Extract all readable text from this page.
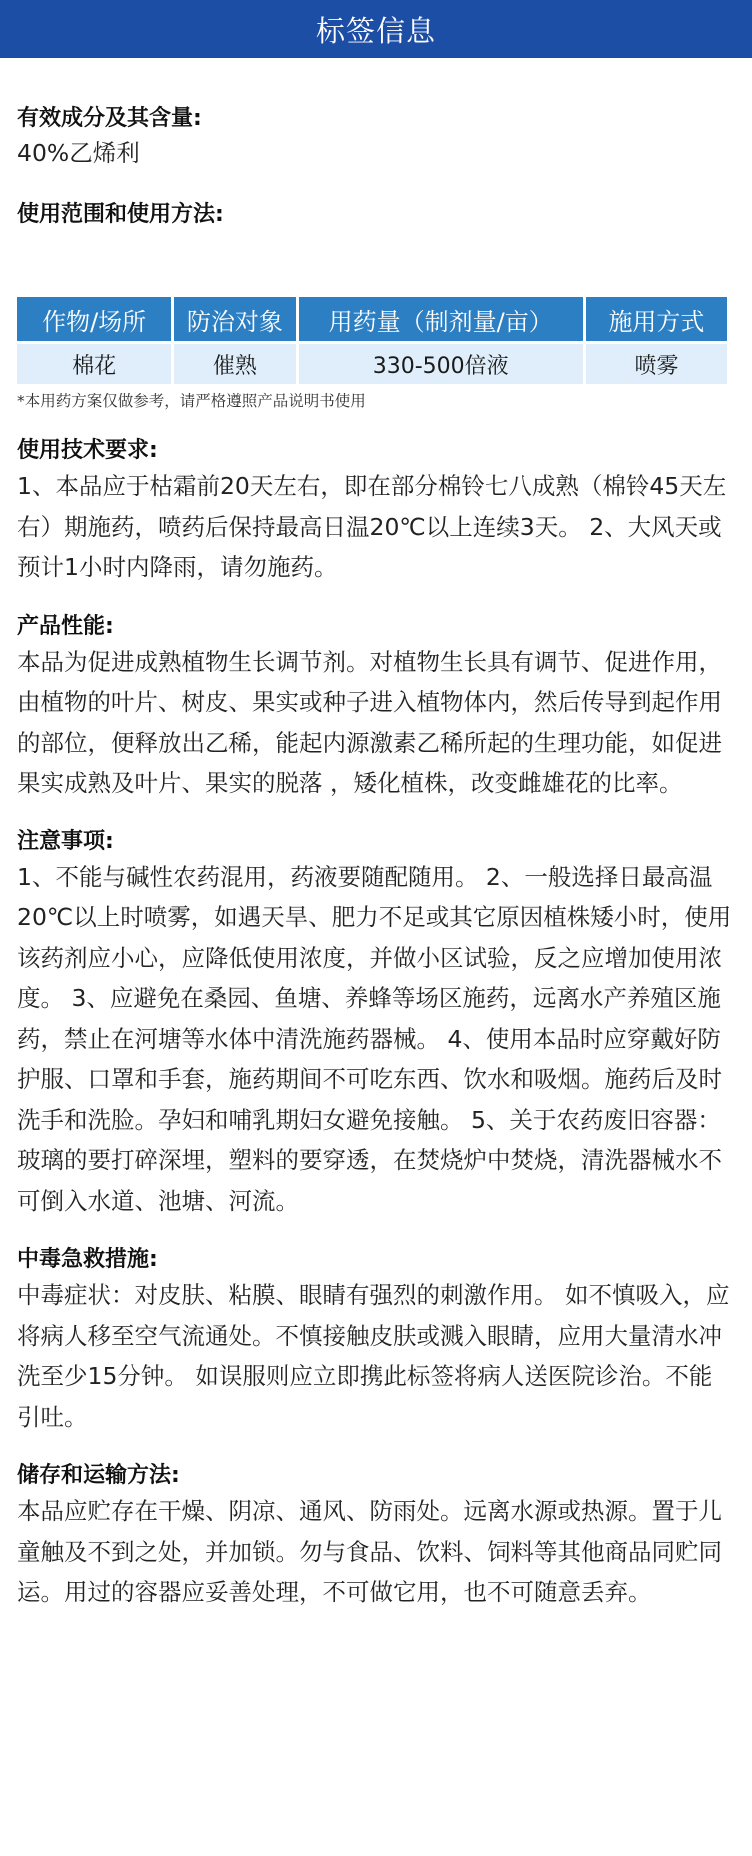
标签信息
有效成分及其含量:
40%乙烯利
使用范围和使用方法:
作物/场所	防治对象	用药量（制剂量/亩）	施用方式
棉花	催熟	330-500倍液	喷雾
*本用药方案仅做参考，请严格遵照产品说明书使用
使用技术要求:
1、本品应于枯霜前20天左右，即在部分棉铃七八成熟（棉铃45天左右）期施药，喷药后保持最高日温20℃以上连续3天。 2、大风天或预计1小时内降雨，请勿施药。
产品性能:
本品为促进成熟植物生长调节剂。对植物生长具有调节、促进作用，由植物的叶片、树皮、果实或种子进入植物体内，然后传导到起作用的部位，便释放出乙稀，能起内源激素乙稀所起的生理功能，如促进果实成熟及叶片、果实的脱落 ，矮化植株，改变雌雄花的比率。
注意事项:
1、不能与碱性农药混用，药液要随配随用。 2、一般选择日最高温20℃以上时喷雾，如遇天旱、肥力不足或其它原因植株矮小时，使用该药剂应小心，应降低使用浓度，并做小区试验，反之应增加使用浓度。 3、应避免在桑园、鱼塘、养蜂等场区施药，远离水产养殖区施药，禁止在河塘等水体中清洗施药器械。 4、使用本品时应穿戴好防护服、口罩和手套，施药期间不可吃东西、饮水和吸烟。施药后及时洗手和洗脸。孕妇和哺乳期妇女避免接触。 5、关于农药废旧容器：玻璃的要打碎深埋，塑料的要穿透，在焚烧炉中焚烧，清洗器械水不可倒入水道、池塘、河流。
中毒急救措施:
中毒症状：对皮肤、粘膜、眼睛有强烈的刺激作用。 如不慎吸入，应将病人移至空气流通处。不慎接触皮肤或溅入眼睛，应用大量清水冲洗至少15分钟。 如误服则应立即携此标签将病人送医院诊治。不能引吐。
储存和运输方法:
本品应贮存在干燥、阴凉、通风、防雨处。远离水源或热源。置于儿童触及不到之处，并加锁。勿与食品、饮料、饲料等其他商品同贮同运。用过的容器应妥善处理，不可做它用，也不可随意丢弃。
